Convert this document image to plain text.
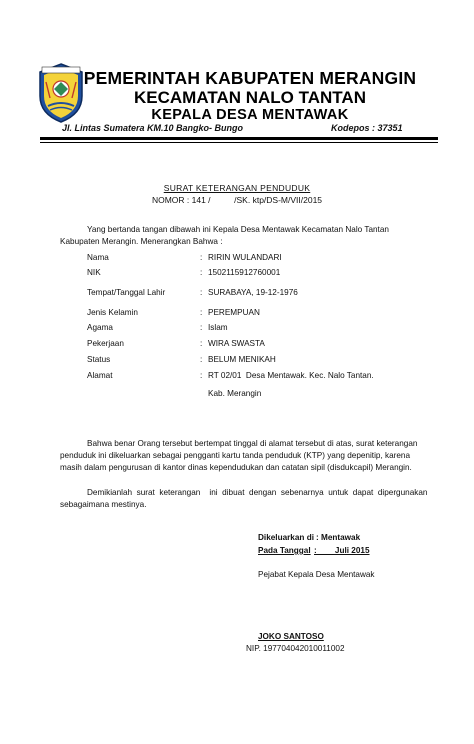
PEMERINTAH KABUPATEN MERANGIN
KECAMATAN NALO TANTAN
KEPALA DESA MENTAWAK
Jl. Lintas Sumatera KM.10 Bangko- Bungo	Kodepos : 37351
SURAT KETERANGAN PENDUDUK
NOMOR : 141 /          /SK. ktp/DS-M/VII/2015
Yang bertanda tangan dibawah ini Kepala Desa Mentawak Kecamatan Nalo Tantan
Kabupaten Merangin. Menerangkan Bahwa :
Nama	: RIRIN WULANDARI
NIK	: 1502115912760001
Tempat/Tanggal Lahir	: SURABAYA, 19-12-1976
Jenis Kelamin	: PEREMPUAN
Agama	: Islam
Pekerjaan	: WIRA SWASTA
Status	: BELUM MENIKAH
Alamat	: RT 02/01  Desa Mentawak. Kec. Nalo Tantan.
Kab. Merangin
Bahwa benar Orang tersebut bertempat tinggal di alamat tersebut di atas, surat keterangan
penduduk ini dikeluarkan sebagai pengganti kartu tanda penduduk (KTP) yang depenitip, karena
masih dalam pengurusan di kantor dinas kependudukan dan catatan sipil (disdukcapil) Merangin.
Demikianlah  surat  keterangan    ini  dibuat  dengan  sebenarnya  untuk  dapat  dipergunakan
sebagaimana mestinya.
Dikeluarkan di : Mentawak
Pada Tanggal :        Juli 2015
Pejabat Kepala Desa Mentawak
JOKO SANTOSO
NIP. 197704042010011002
